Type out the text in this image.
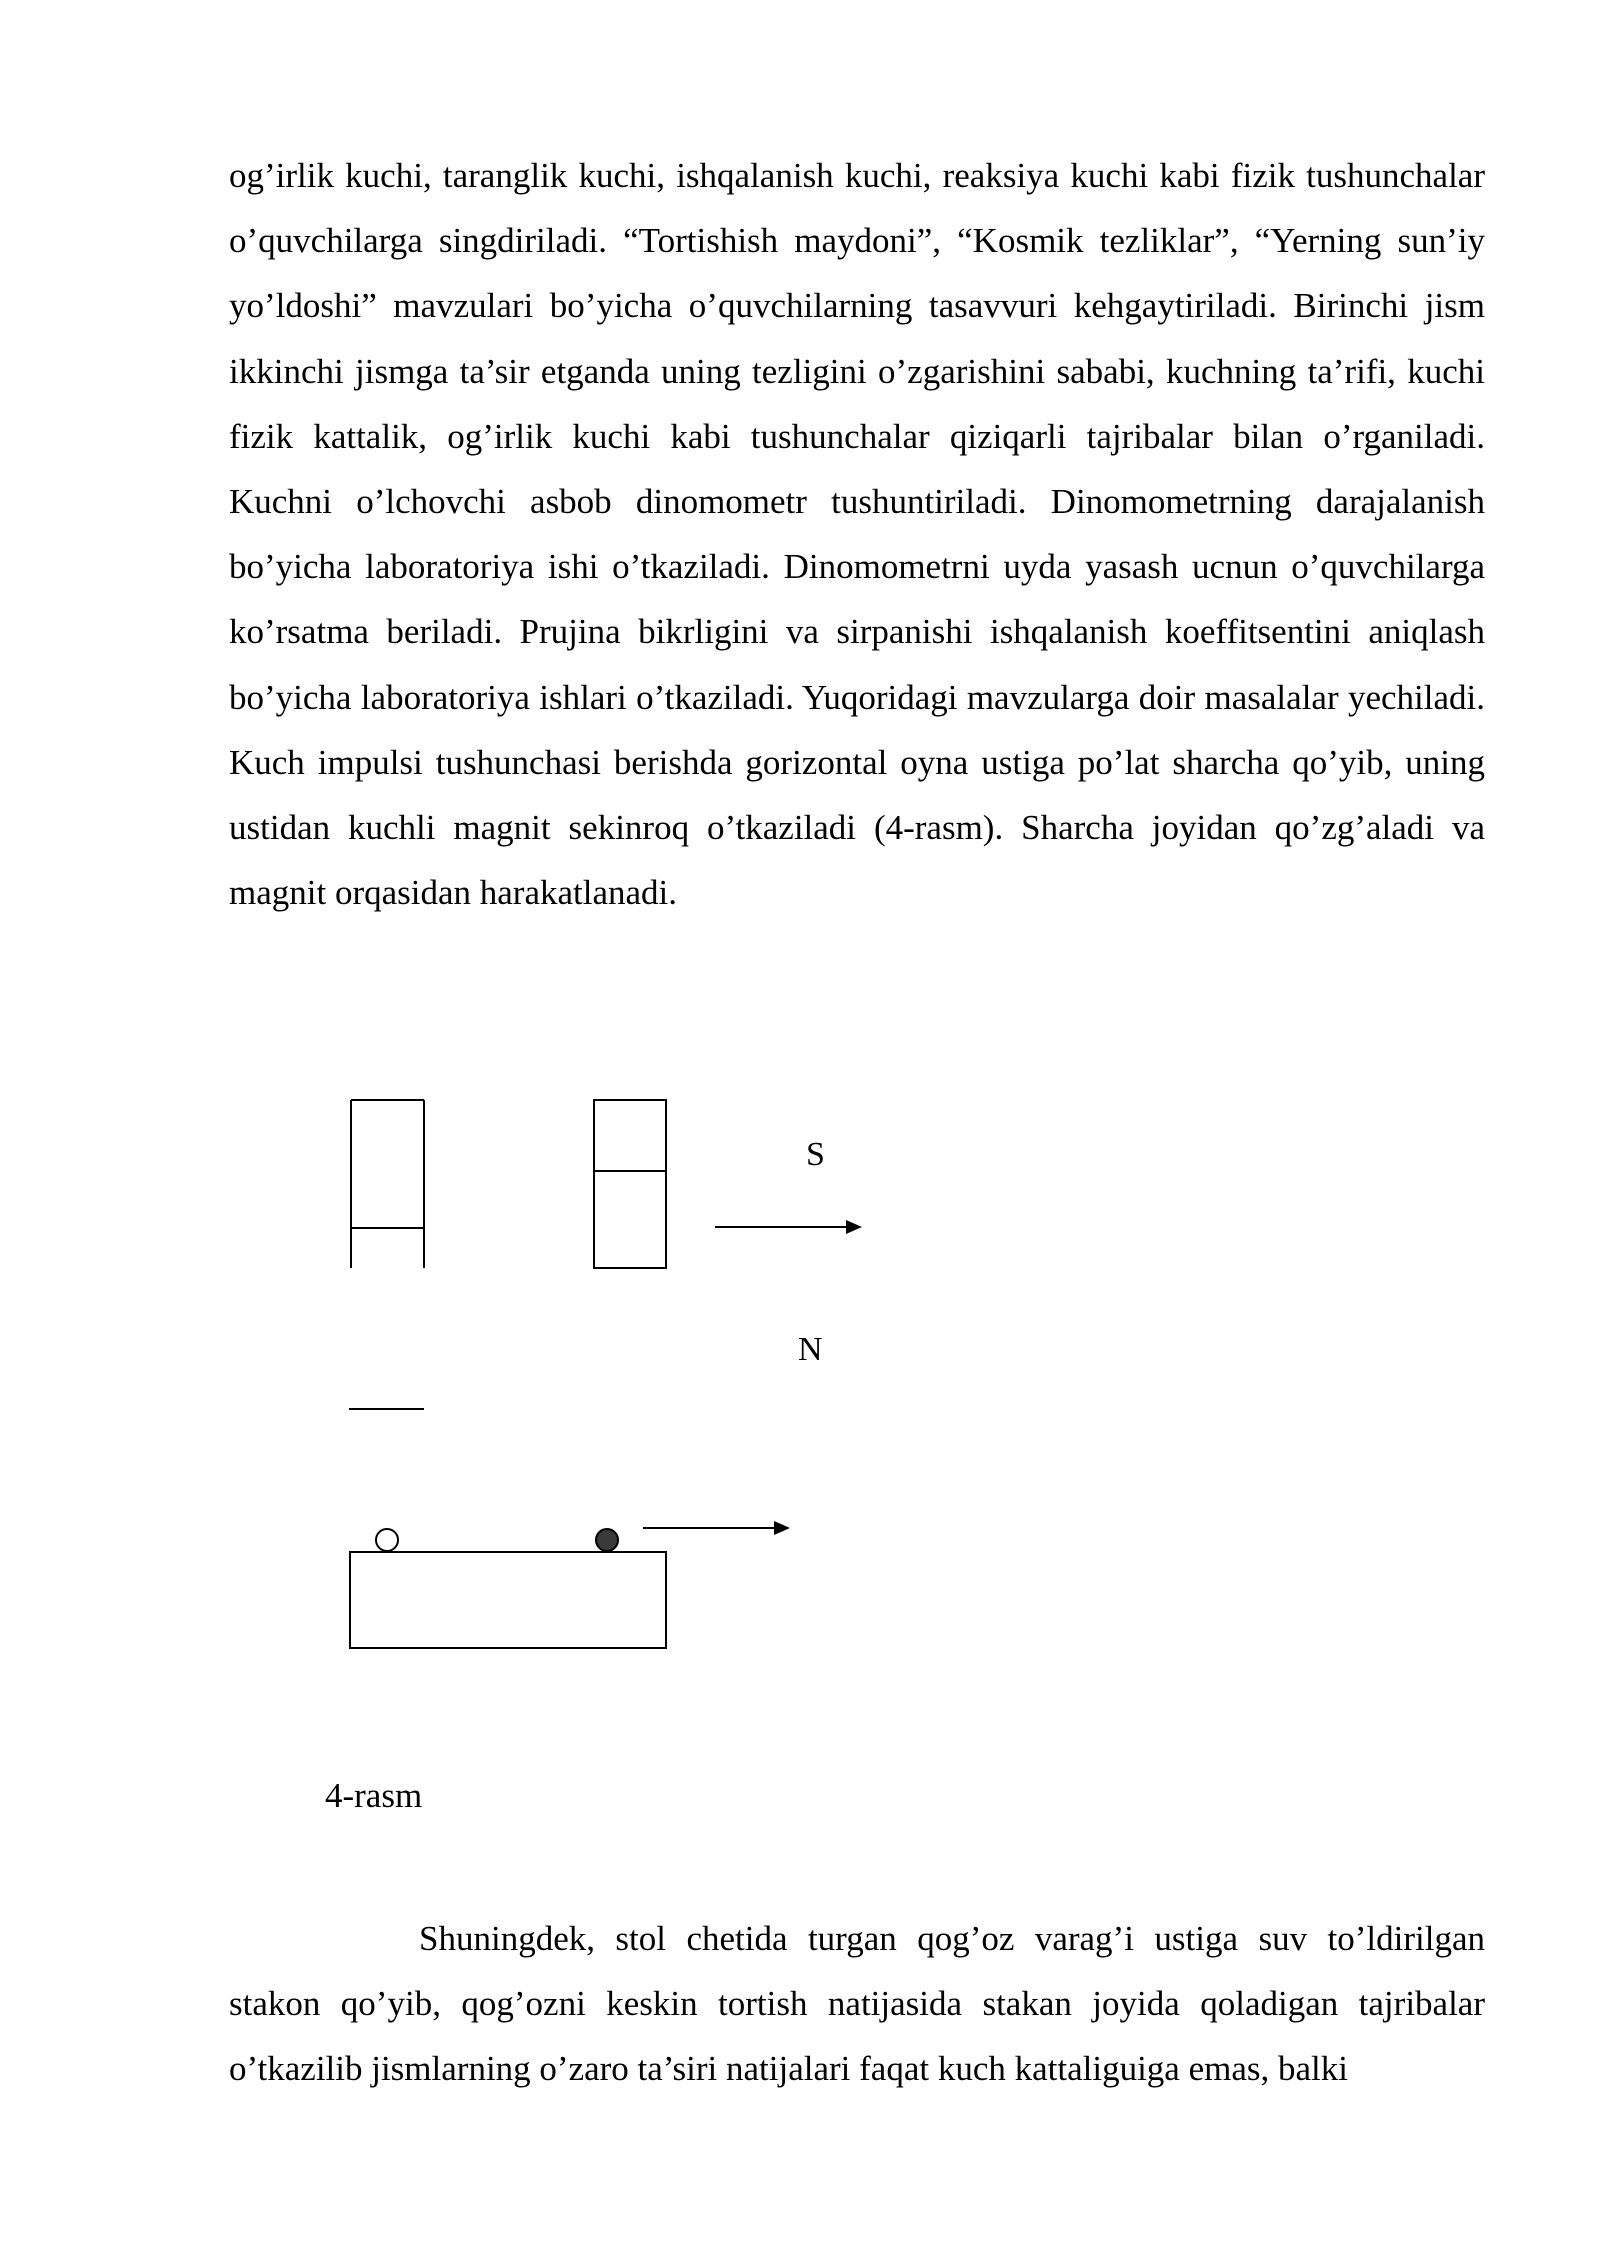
og’irlik kuchi, taranglik kuchi, ishqalanish kuchi, reaksiya kuchi kabi fizik tushunchalar o’quvchilarga singdiriladi. “Tortishish maydoni”, “Kosmik tezliklar”, “Yerning sun’iy yo’ldoshi” mavzulari bo’yicha o’quvchilarning tasavvuri kehgaytiriladi. Birinchi jism ikkinchi jismga ta’sir etganda uning tezligini o’zgarishini sababi, kuchning ta’rifi, kuchi fizik kattalik, og’irlik kuchi kabi tushunchalar qiziqarli tajribalar bilan o’rganiladi. Kuchni o’lchovchi asbob dinomometr tushuntiriladi. Dinomometrning darajalanish bo’yicha laboratoriya ishi o’tkaziladi. Dinomometrni uyda yasash ucnun o’quvchilarga ko’rsatma beriladi. Prujina bikrligini va sirpanishi ishqalanish koeffitsentini aniqlash bo’yicha laboratoriya ishlari o’tkaziladi. Yuqoridagi mavzularga doir masalalar yechiladi. Kuch impulsi tushunchasi berishda gorizontal oyna ustiga po’lat sharcha qo’yib, uning ustidan kuchli magnit sekinroq o’tkaziladi (4-rasm). Sharcha joyidan qo’zg’aladi va magnit orqasidan harakatlanadi.

S
N

4-rasm

Shuningdek, stol chetida turgan qog’oz varag’i ustiga suv to’ldirilgan stakon qo’yib, qog’ozni keskin tortish natijasida stakan joyida qoladigan tajribalar o’tkazilib jismlarning o’zaro ta’siri natijalari faqat kuch kattaliguiga emas, balki
